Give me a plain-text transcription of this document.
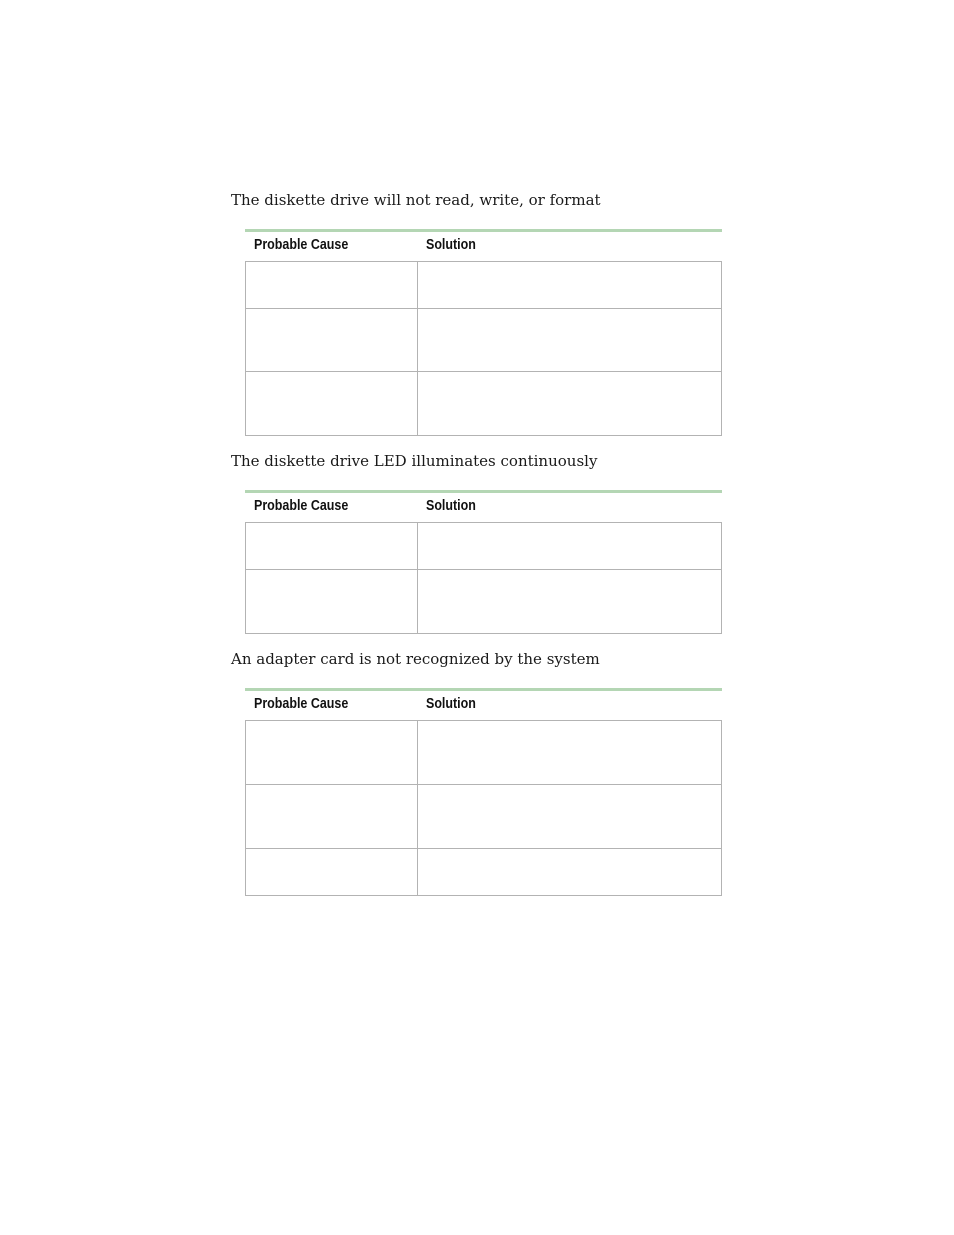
The diskette drive will not read, write, or format
Probable Cause	Solution
The diskette drive LED illuminates continuously
Probable Cause	Solution
An adapter card is not recognized by the system
Probable Cause	Solution
